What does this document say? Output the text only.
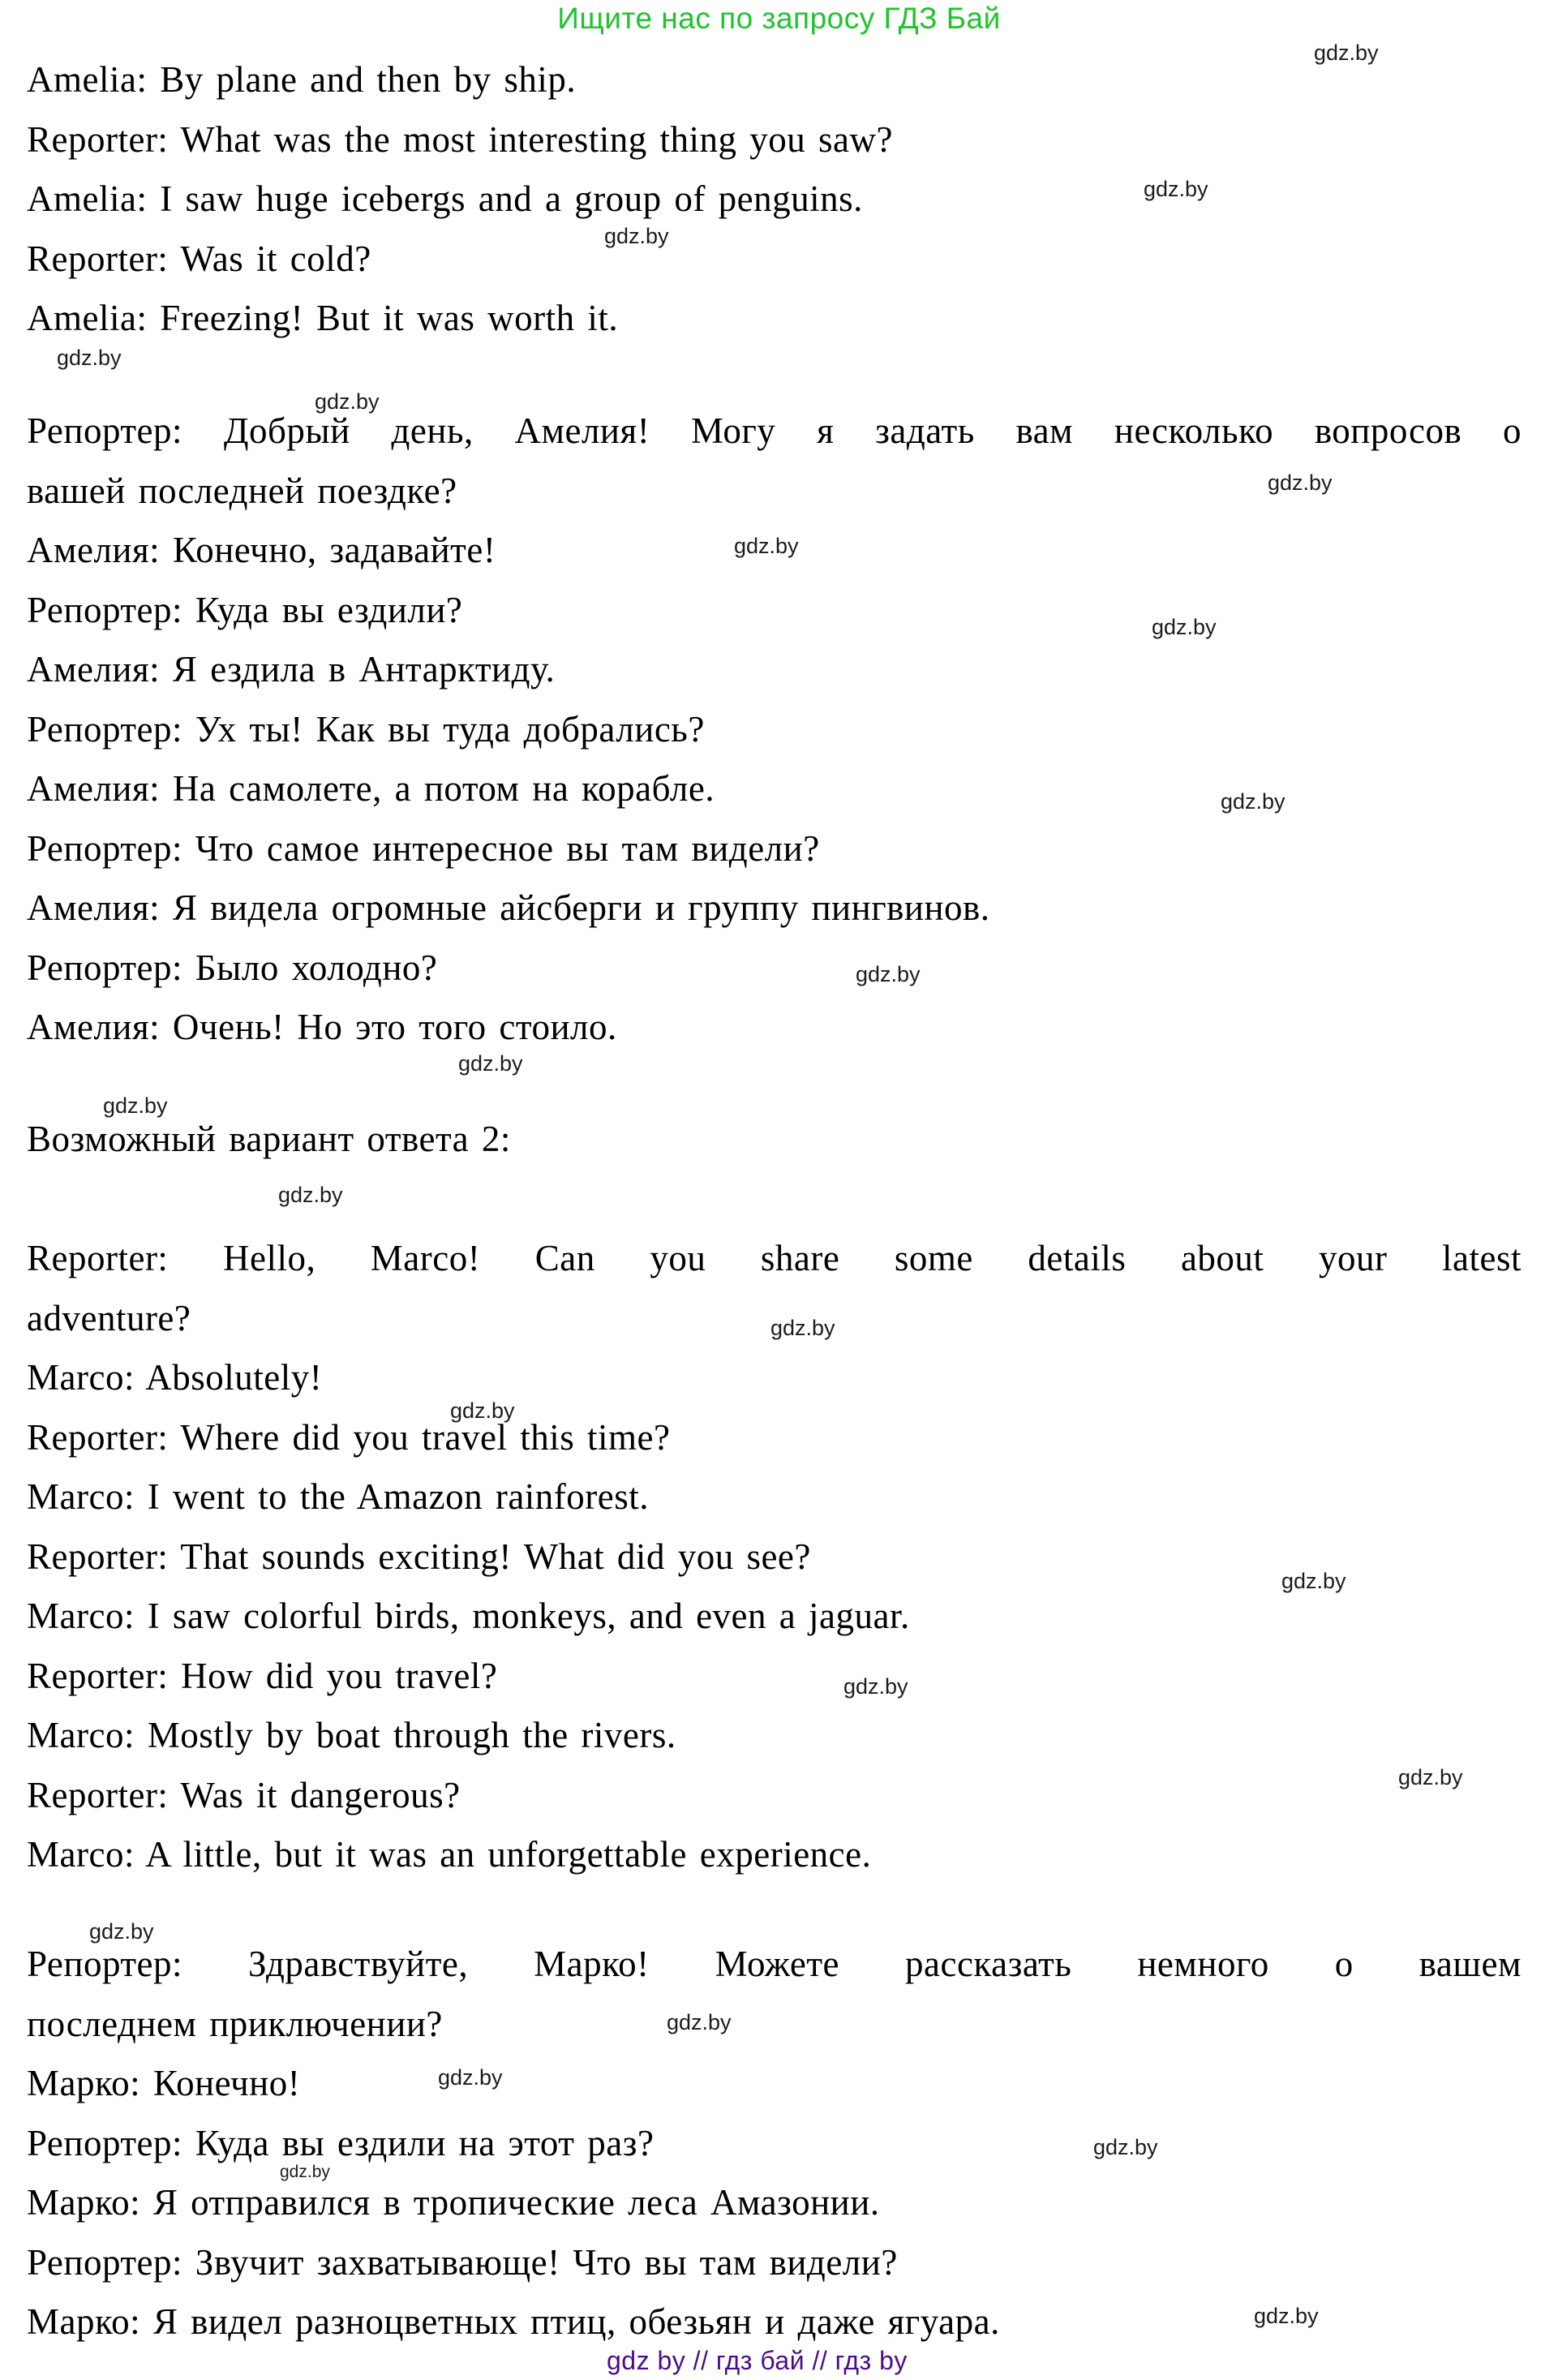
Ищите нас по запросу ГДЗ Бай
Amelia: By plane and then by ship.
Reporter: What was the most interesting thing you saw?
Amelia: I saw huge icebergs and a group of penguins.
Reporter: Was it cold?
Amelia: Freezing! But it was worth it.
Репортер: Добрый день, Амелия! Могу я задать вам несколько вопросов о
вашей последней поездке?
Амелия: Конечно, задавайте!
Репортер: Куда вы ездили?
Амелия: Я ездила в Антарктиду.
Репортер: Ух ты! Как вы туда добрались?
Амелия: На самолете, а потом на корабле.
Репортер: Что самое интересное вы там видели?
Амелия: Я видела огромные айсберги и группу пингвинов.
Репортер: Было холодно?
Амелия: Очень! Но это того стоило.
Возможный вариант ответа 2:
Reporter: Hello, Marco! Can you share some details about your latest
adventure?
Marco: Absolutely!
Reporter: Where did you travel this time?
Marco: I went to the Amazon rainforest.
Reporter: That sounds exciting! What did you see?
Marco: I saw colorful birds, monkeys, and even a jaguar.
Reporter: How did you travel?
Marco: Mostly by boat through the rivers.
Reporter: Was it dangerous?
Marco: A little, but it was an unforgettable experience.
Репортер: Здравствуйте, Марко! Можете рассказать немного о вашем
последнем приключении?
Марко: Конечно!
Репортер: Куда вы ездили на этот раз?
Марко: Я отправился в тропические леса Амазонии.
Репортер: Звучит захватывающе! Что вы там видели?
Марко: Я видел разноцветных птиц, обезьян и даже ягуара.
gdz.by
gdz.by
gdz.by
gdz.by
gdz.by
gdz.by
gdz.by
gdz.by
gdz.by
gdz.by
gdz.by
gdz.by
gdz.by
gdz.by
gdz.by
gdz.by
gdz.by
gdz.by
gdz.by
gdz.by
gdz.by
gdz.by
gdz.by
gdz.by
gdz by // гдз бай // гдз by
